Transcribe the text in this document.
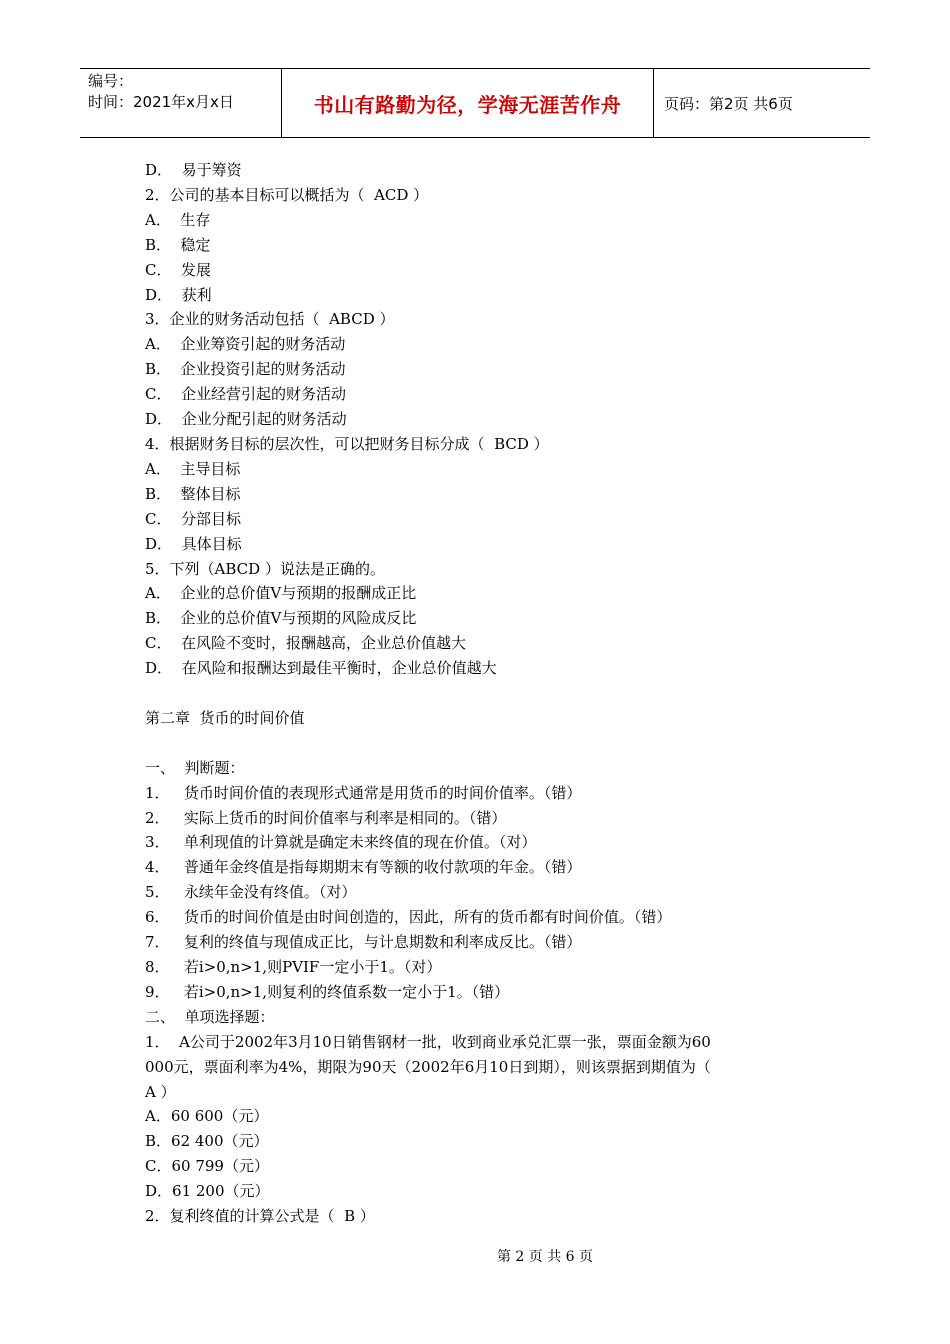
编号：
时间：2021年x月x日	书山有路勤为径，学海无涯苦作舟	页码：第2页 共6页
D．  易于筹资
2．公司的基本目标可以概括为（  ACD ）
A．  生存
B．  稳定
C．  发展
D．  获利
3．企业的财务活动包括（  ABCD ）
A．  企业筹资引起的财务活动
B．  企业投资引起的财务活动
C．  企业经营引起的财务活动
D．  企业分配引起的财务活动
4．根据财务目标的层次性，可以把财务目标分成（  BCD ）
A．  主导目标
B．  整体目标
C．  分部目标
D．  具体目标
5．下列（ABCD ）说法是正确的。
A．  企业的总价值V与预期的报酬成正比
B．  企业的总价值V与预期的风险成反比
C．  在风险不变时，报酬越高，企业总价值越大
D．  在风险和报酬达到最佳平衡时，企业总价值越大
第二章  货币的时间价值
一、  判断题：
1．   货币时间价值的表现形式通常是用货币的时间价值率。（错）
2．   实际上货币的时间价值率与利率是相同的。（错）
3．   单利现值的计算就是确定未来终值的现在价值。（对）
4．   普通年金终值是指每期期末有等额的收付款项的年金。（错）
5．   永续年金没有终值。（对）
6．   货币的时间价值是由时间创造的，因此，所有的货币都有时间价值。（错）
7．   复利的终值与现值成正比，与计息期数和利率成反比。（错）
8．   若i>0,n>1,则PVIF一定小于1。（对）
9．   若i>0,n>1,则复利的终值系数一定小于1。（错）
二、  单项选择题：
1．  A公司于2002年3月10日销售钢材一批，收到商业承兑汇票一张，票面金额为60
000元，票面利率为4%，期限为90天（2002年6月10日到期），则该票据到期值为（
A ）
A．60 600（元）
B．62 400（元）
C．60 799（元）
D．61 200（元）
2．复利终值的计算公式是（  B ）
第 2 页 共 6 页
